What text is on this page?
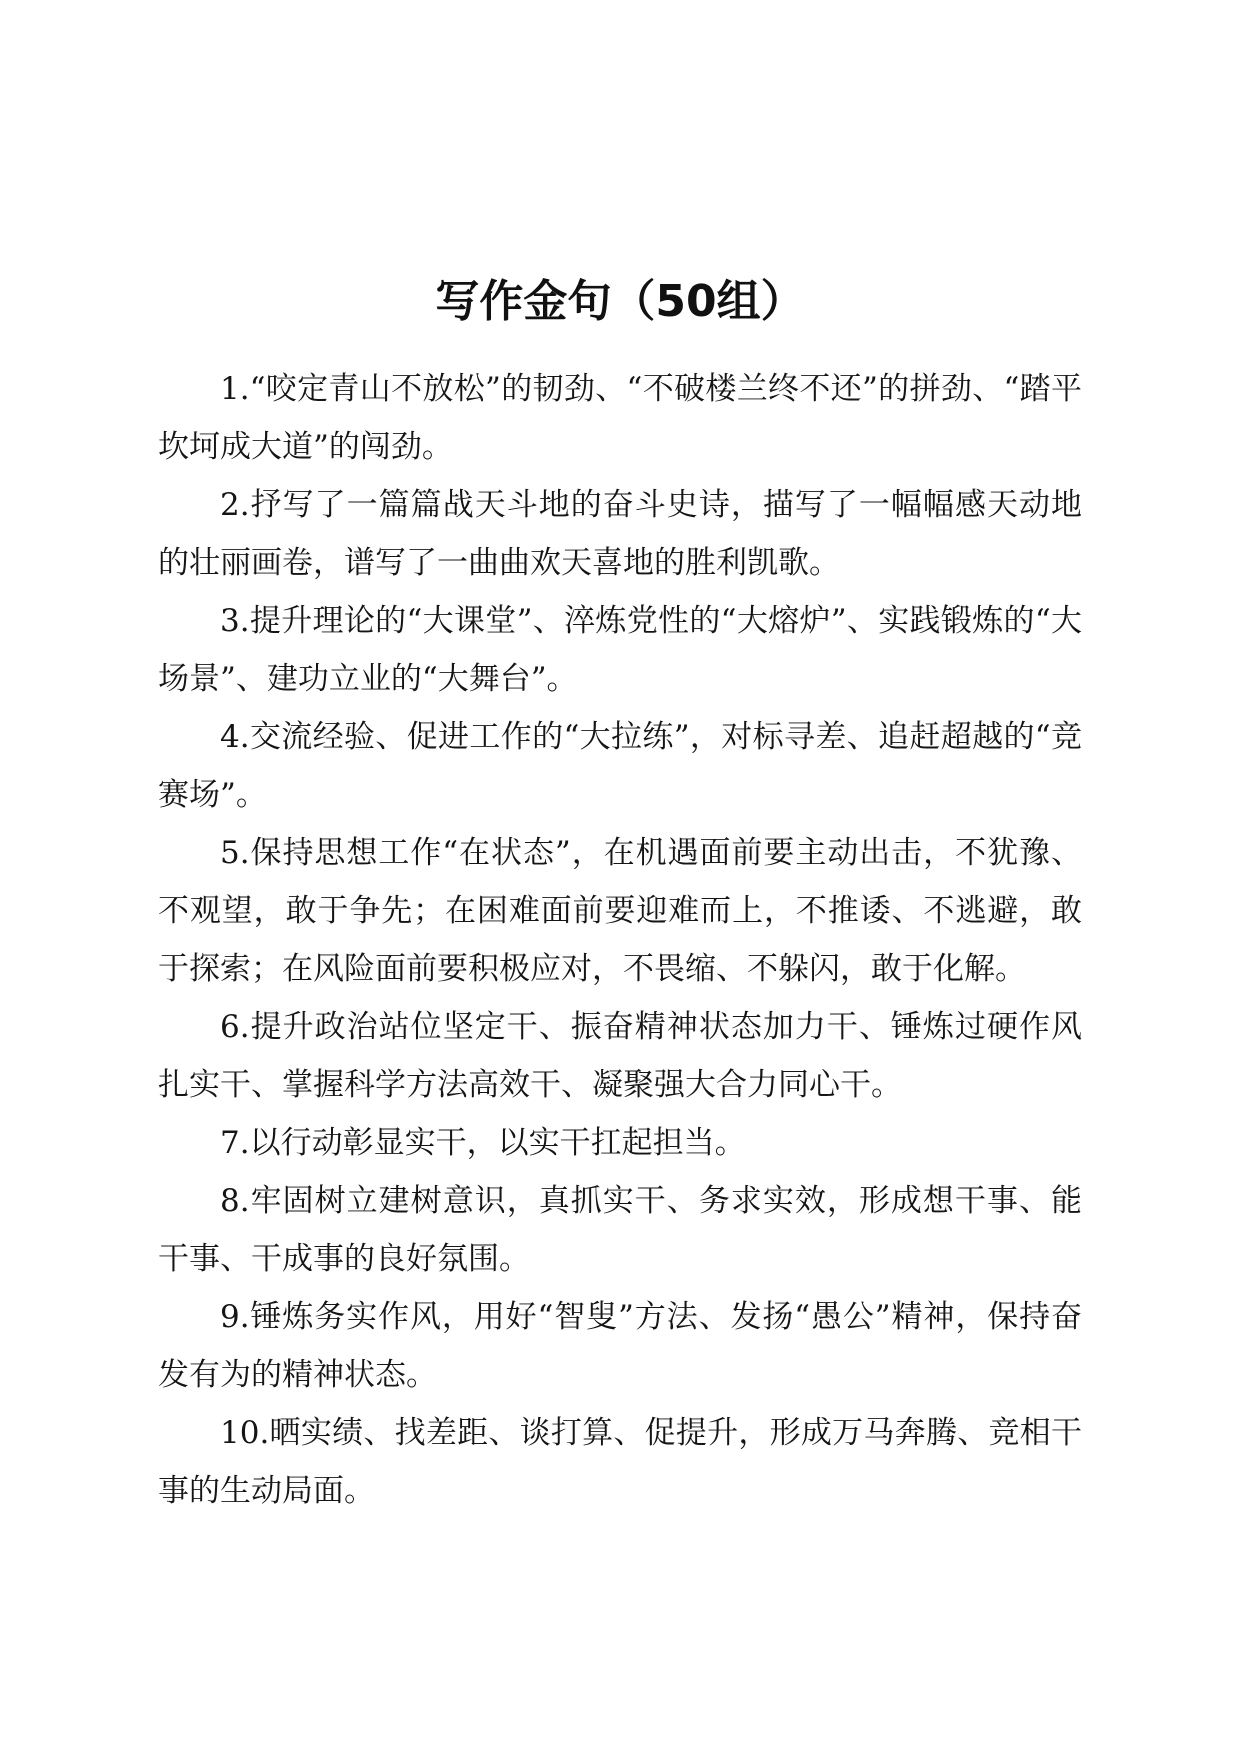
写作金句（50组）

1.“咬定青山不放松”的韧劲、“不破楼兰终不还”的拼劲、“踏平坎坷成大道”的闯劲。

2.抒写了一篇篇战天斗地的奋斗史诗，描写了一幅幅感天动地的壮丽画卷，谱写了一曲曲欢天喜地的胜利凯歌。

3.提升理论的“大课堂”、淬炼党性的“大熔炉”、实践锻炼的“大场景”、建功立业的“大舞台”。

4.交流经验、促进工作的“大拉练”，对标寻差、追赶超越的“竞赛场”。

5.保持思想工作“在状态”，在机遇面前要主动出击，不犹豫、不观望，敢于争先；在困难面前要迎难而上，不推诿、不逃避，敢于探索；在风险面前要积极应对，不畏缩、不躲闪，敢于化解。

6.提升政治站位坚定干、振奋精神状态加力干、锤炼过硬作风扎实干、掌握科学方法高效干、凝聚强大合力同心干。

7.以行动彰显实干，以实干扛起担当。

8.牢固树立建树意识，真抓实干、务求实效，形成想干事、能干事、干成事的良好氛围。

9.锤炼务实作风，用好“智叟”方法、发扬“愚公”精神，保持奋发有为的精神状态。

10.晒实绩、找差距、谈打算、促提升，形成万马奔腾、竞相干事的生动局面。
